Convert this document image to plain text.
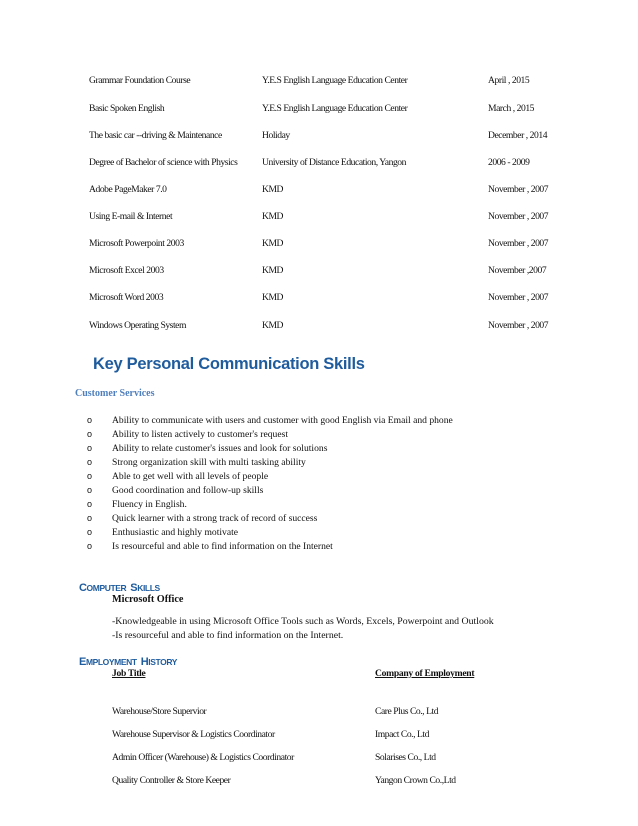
Grammar Foundation Course	Y.E.S English Language Education Center	April , 2015
Basic Spoken English	Y.E.S English Language Education Center	March , 2015
The basic car --driving & Maintenance	Holiday	December , 2014
Degree of Bachelor of science with Physics	University of Distance Education, Yangon	2006 - 2009
Adobe PageMaker 7.0	KMD	November , 2007
Using E-mail & Internet	KMD	November , 2007
Microsoft Powerpoint 2003	KMD	November , 2007
Microsoft Excel 2003	KMD	November ,2007
Microsoft Word 2003	KMD	November , 2007
Windows Operating System	KMD	November , 2007
Key Personal Communication Skills
Customer Services
o Ability to communicate with users and customer with good English via Email and phone
o Ability to listen actively to customer's request
o Ability to relate customer's issues and look for solutions
o Strong organization skill with multi tasking ability
o Able to get well with all levels of people
o Good coordination and follow-up skills
o Fluency in English.
o Quick learner with a strong track of record of success
o Enthusiastic and highly motivate
o Is resourceful and able to find information on the Internet
COMPUTER SKILLS
Microsoft Office
-Knowledgeable in using Microsoft Office Tools such as Words, Excels, Powerpoint and Outlook
-Is resourceful and able to find information on the Internet.
EMPLOYMENT HISTORY
Job Title	Company of Employment
Warehouse/Store Supervior	Care Plus Co., Ltd
Warehouse Supervisor & Logistics Coordinator	Impact Co., Ltd
Admin Officer (Warehouse) & Logistics Coordinator	Solarises Co., Ltd
Quality Controller & Store Keeper	Yangon Crown Co.,Ltd
